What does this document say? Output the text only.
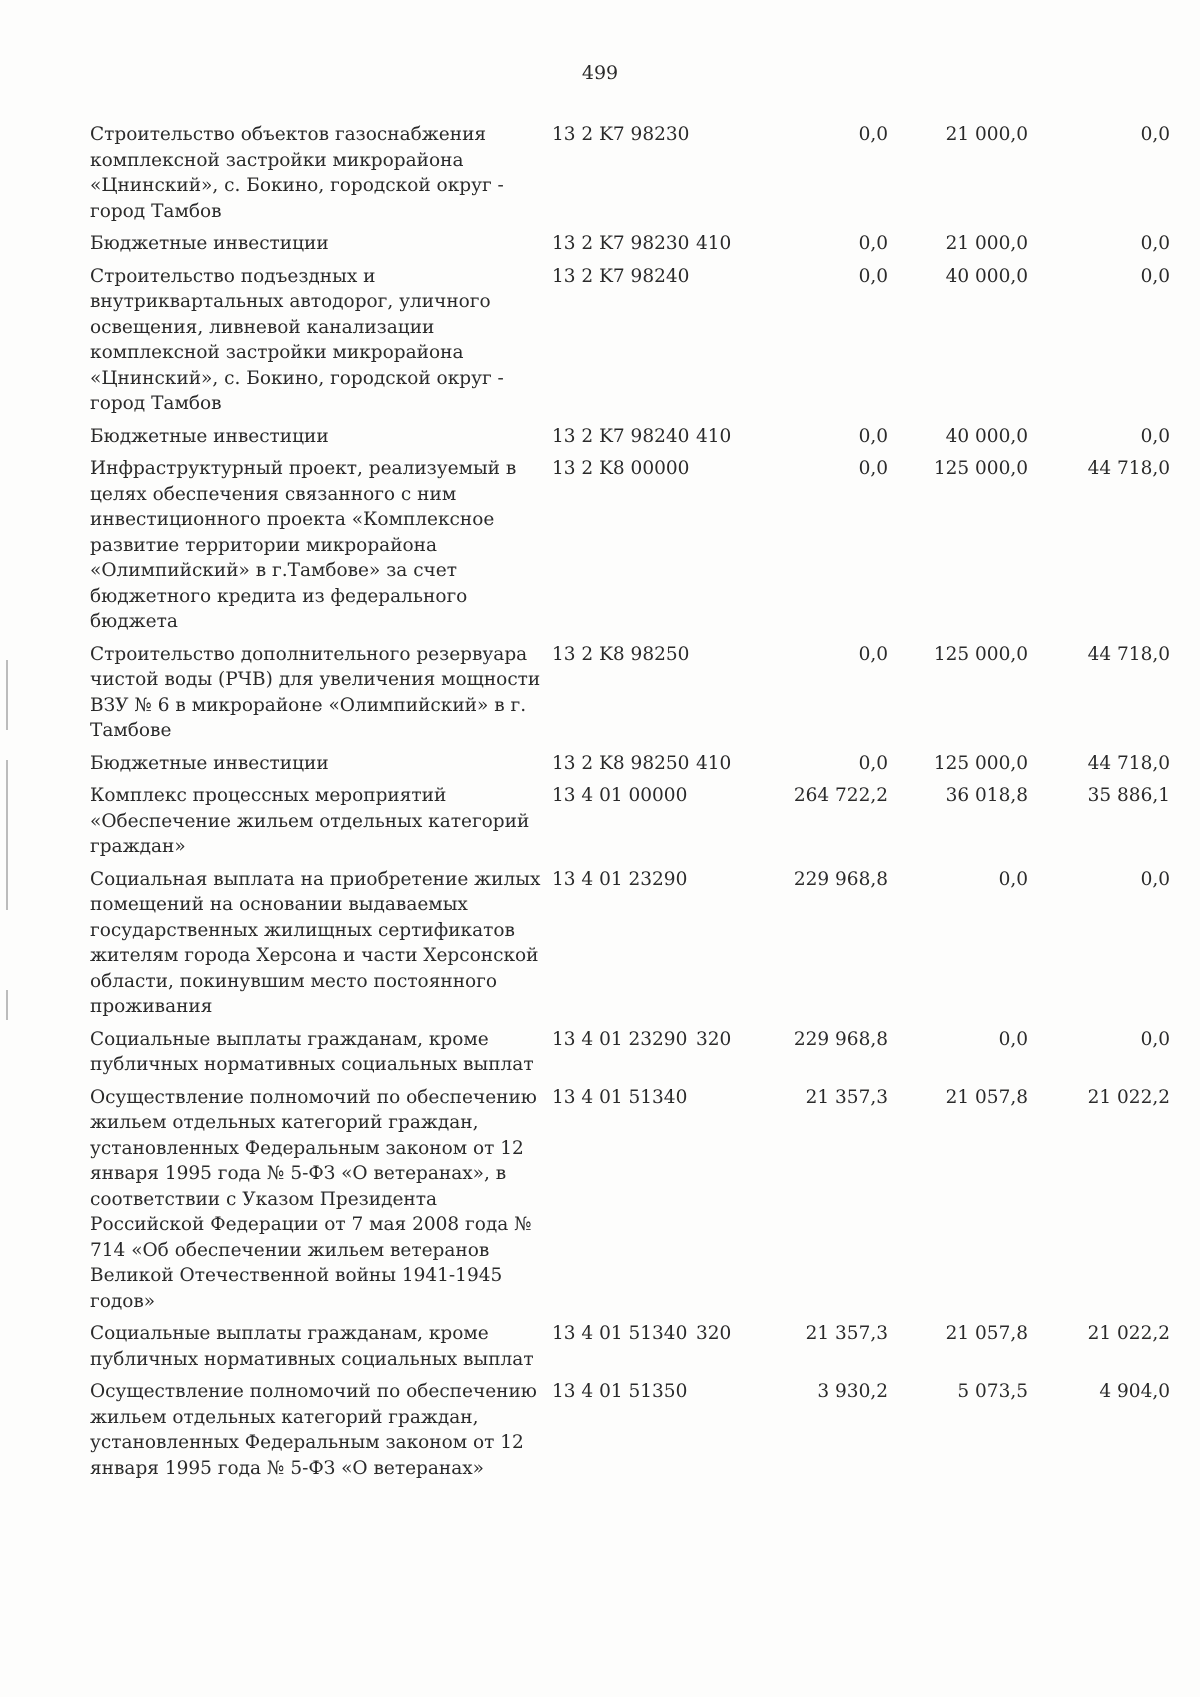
499
Строительство объектов газоснабжения комплексной застройки микрорайона «Цнинский», с. Бокино, городской округ - город Тамбов	13 2 K7 98230		0,0	21 000,0	0,0
Бюджетные инвестиции	13 2 K7 98230	410	0,0	21 000,0	0,0
Строительство подъездных и внутриквартальных автодорог, уличного освещения, ливневой канализации комплексной застройки микрорайона «Цнинский», с. Бокино, городской округ - город Тамбов	13 2 K7 98240		0,0	40 000,0	0,0
Бюджетные инвестиции	13 2 K7 98240	410	0,0	40 000,0	0,0
Инфраструктурный проект, реализуемый в целях обеспечения связанного с ним инвестиционного проекта «Комплексное развитие территории микрорайона «Олимпийский» в г.Тамбове» за счет бюджетного кредита из федерального бюджета	13 2 K8 00000		0,0	125 000,0	44 718,0
Строительство дополнительного резервуара чистой воды (РЧВ) для увеличения мощности ВЗУ № 6 в микрорайоне «Олимпийский» в г. Тамбове	13 2 K8 98250		0,0	125 000,0	44 718,0
Бюджетные инвестиции	13 2 K8 98250	410	0,0	125 000,0	44 718,0
Комплекс процессных мероприятий «Обеспечение жильем отдельных категорий граждан»	13 4 01 00000		264 722,2	36 018,8	35 886,1
Социальная выплата на приобретение жилых помещений на основании выдаваемых государственных жилищных сертификатов жителям города Херсона и части Херсонской области, покинувшим место постоянного проживания	13 4 01 23290		229 968,8	0,0	0,0
Социальные выплаты гражданам, кроме публичных нормативных социальных выплат	13 4 01 23290	320	229 968,8	0,0	0,0
Осуществление полномочий по обеспечению жильем отдельных категорий граждан, установленных Федеральным законом от 12 января 1995 года № 5-ФЗ «О ветеранах», в соответствии с Указом Президента Российской Федерации от 7 мая 2008 года № 714 «Об обеспечении жильем ветеранов Великой Отечественной войны 1941-1945 годов»	13 4 01 51340		21 357,3	21 057,8	21 022,2
Социальные выплаты гражданам, кроме публичных нормативных социальных выплат	13 4 01 51340	320	21 357,3	21 057,8	21 022,2
Осуществление полномочий по обеспечению жильем отдельных категорий граждан, установленных Федеральным законом от 12 января 1995 года № 5-ФЗ «О ветеранах»	13 4 01 51350		3 930,2	5 073,5	4 904,0
